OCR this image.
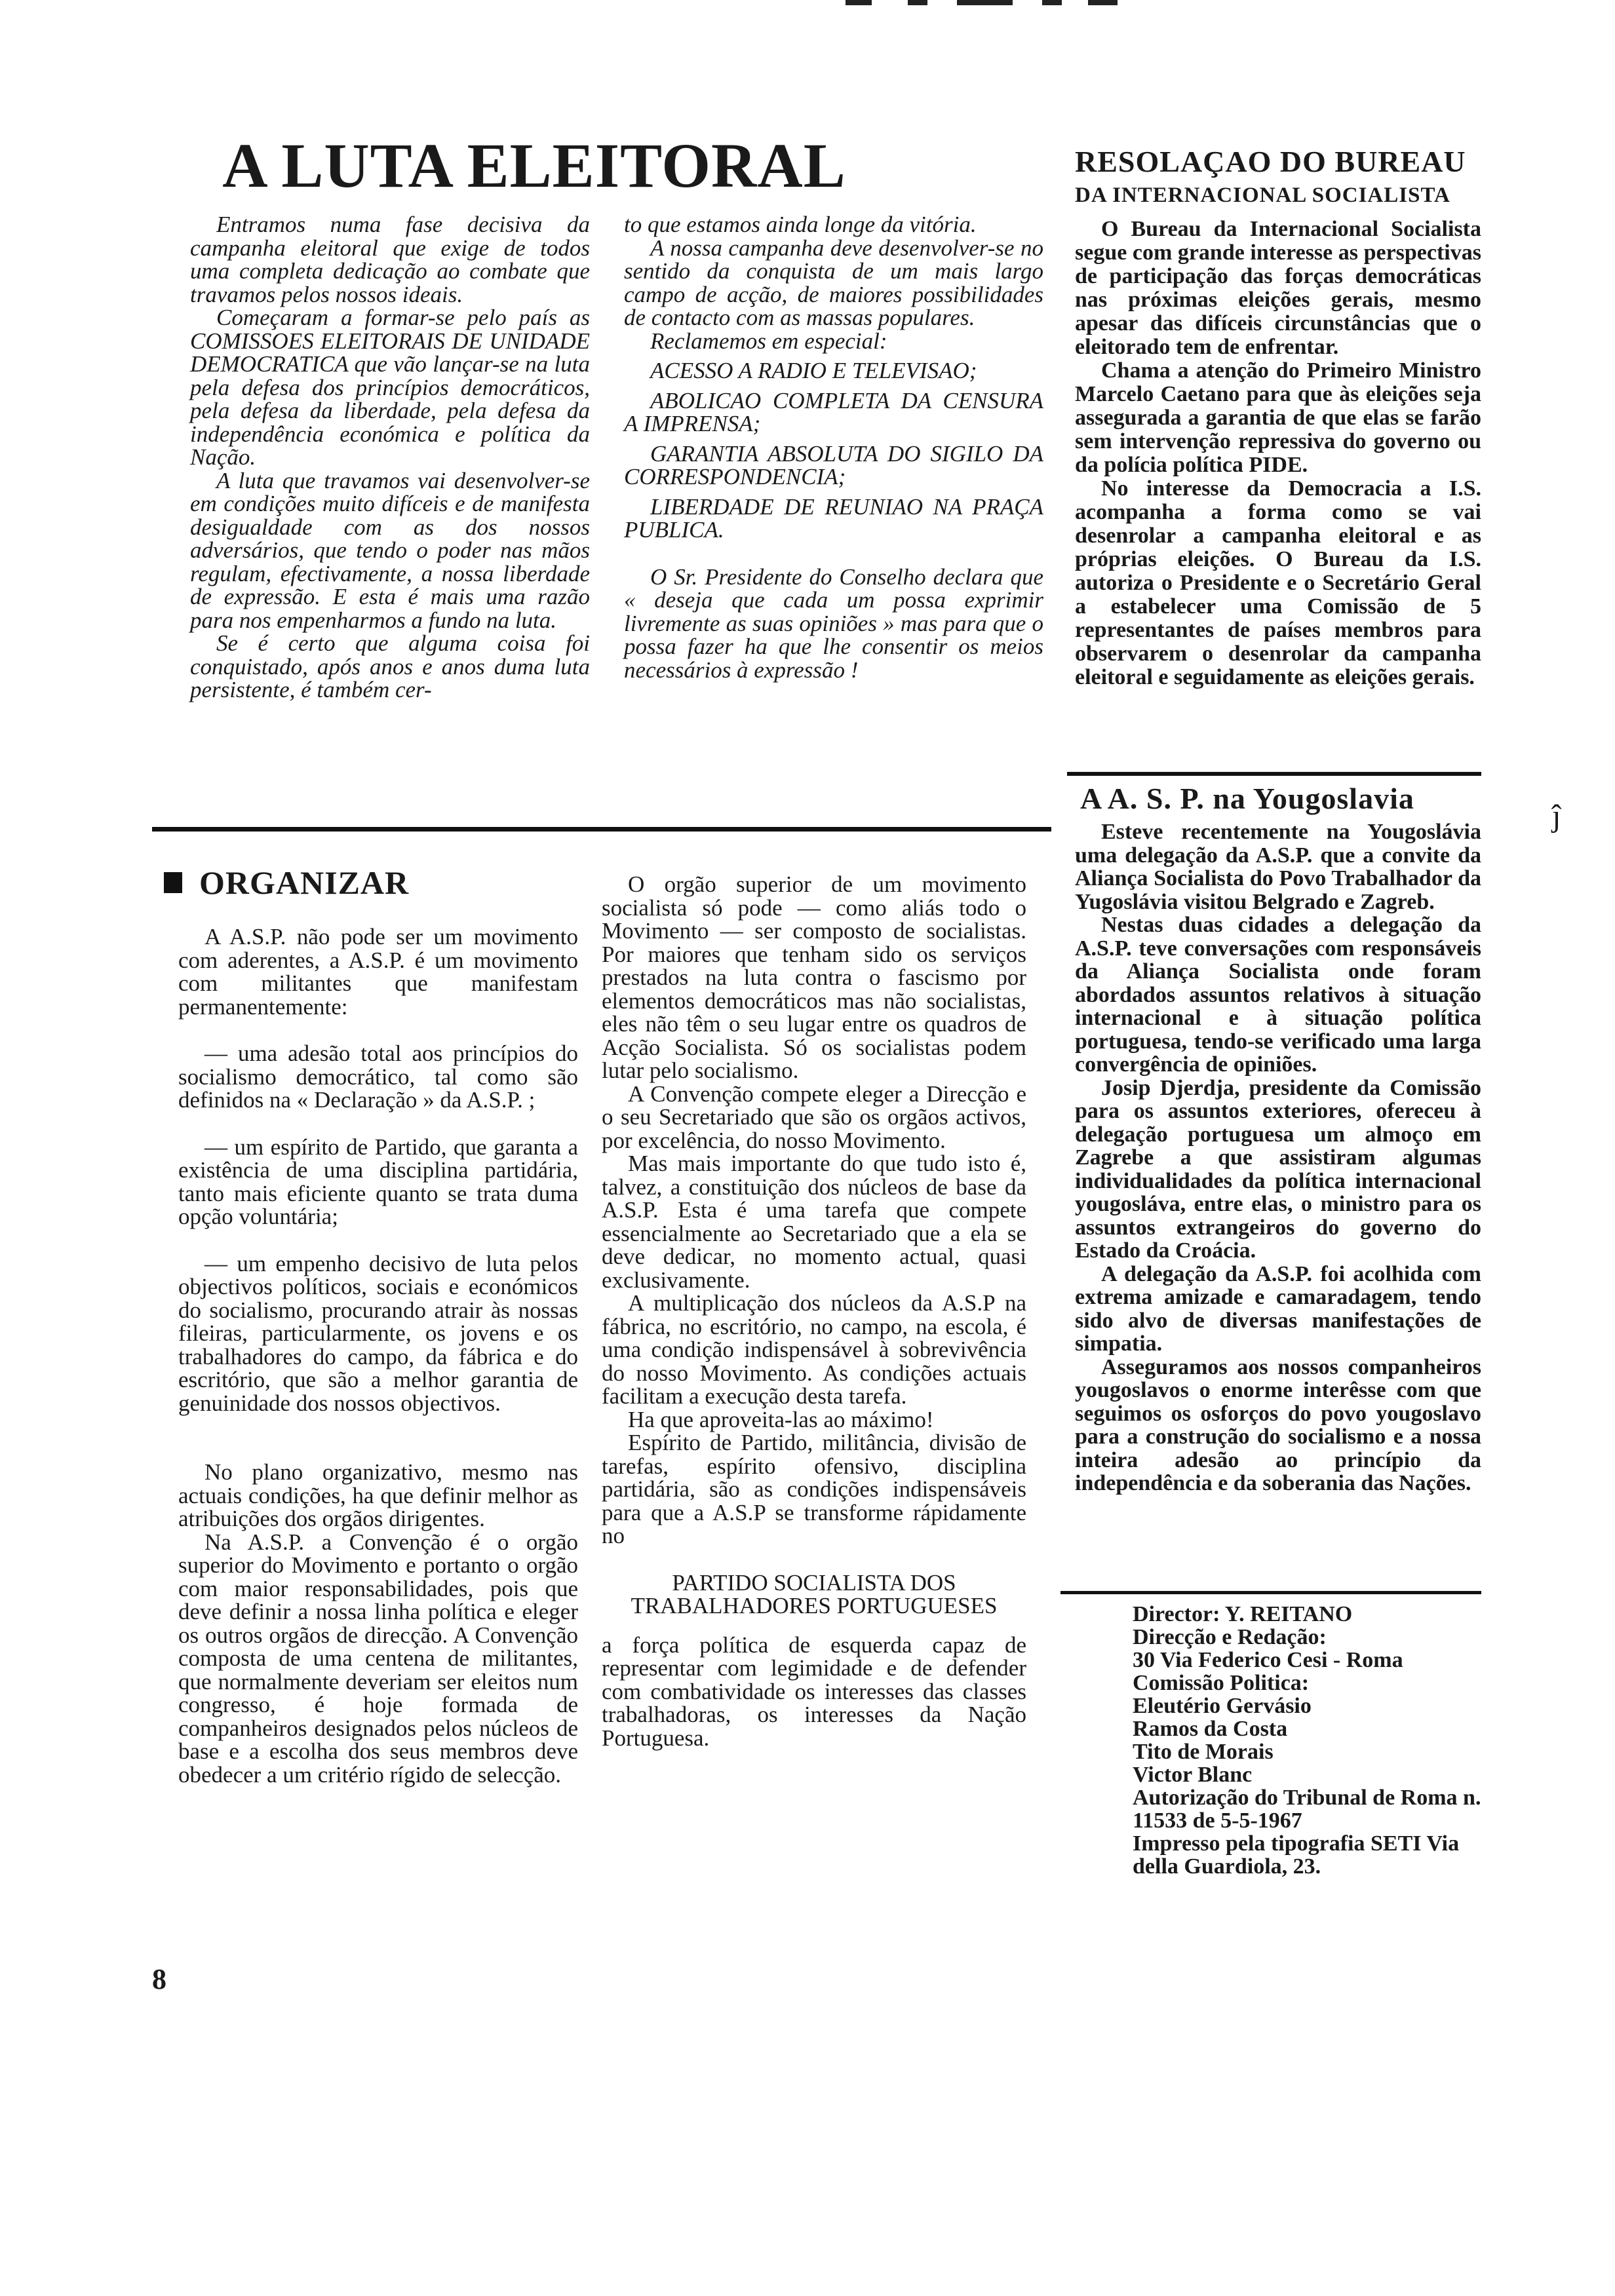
A LUTA ELEITORAL

Entramos numa fase decisiva da campanha eleitoral que exige de todos uma completa dedicação ao combate que travamos pelos nossos ideais.

Começaram a formar-se pelo país as COMISSOES ELEITORAIS DE UNIDADE DEMOCRATICA que vão lançar-se na luta pela defesa dos princípios democráticos, pela defesa da liberdade, pela defesa da independência económica e política da Nação.

A luta que travamos vai desenvolver-se em condições muito difíceis e de manifesta desigualdade com as dos nossos adversários, que tendo o poder nas mãos regulam, efectivamente, a nossa liberdade de expressão. E esta é mais uma razão para nos empenharmos a fundo na luta.

Se é certo que alguma coisa foi conquistado, após anos e anos duma luta persistente, é também cer-

to que estamos ainda longe da vitória.

A nossa campanha deve desenvolver-se no sentido da conquista de um mais largo campo de acção, de maiores possibilidades de contacto com as massas populares.

Reclamemos em especial:

ACESSO A RADIO E TELEVISAO;

ABOLICAO COMPLETA DA CENSURA A IMPRENSA;

GARANTIA ABSOLUTA DO SIGILO DA CORRESPONDENCIA;

LIBERDADE DE REUNIAO NA PRAÇA PUBLICA.

O Sr. Presidente do Conselho declara que « deseja que cada um possa exprimir livremente as suas opiniões » mas para que o possa fazer ha que lhe consentir os meios necessários à expressão !

ORGANIZAR

A A.S.P. não pode ser um movimento com aderentes, a A.S.P. é um movimento com militantes que manifestam permanentemente:

— uma adesão total aos princípios do socialismo democrático, tal como são definidos na « Declaração » da A.S.P. ;

— um espírito de Partido, que garanta a existência de uma disciplina partidária, tanto mais eficiente quanto se trata duma opção voluntária;

— um empenho decisivo de luta pelos objectivos políticos, sociais e económicos do socialismo, procurando atrair às nossas fileiras, particularmente, os jovens e os trabalhadores do campo, da fábrica e do escritório, que são a melhor garantia de genuinidade dos nossos objectivos.

No plano organizativo, mesmo nas actuais condições, ha que definir melhor as atribuições dos orgãos dirigentes.

Na A.S.P. a Convenção é o orgão superior do Movimento e portanto o orgão com maior responsabilidades, pois que deve definir a nossa linha política e eleger os outros orgãos de direcção. A Convenção composta de uma centena de militantes, que normalmente deveriam ser eleitos num congresso, é hoje formada de companheiros designados pelos núcleos de base e a escolha dos seus membros deve obedecer a um critério rígido de selecção.

O orgão superior de um movimento socialista só pode — como aliás todo o Movimento — ser composto de socialistas. Por maiores que tenham sido os serviços prestados na luta contra o fascismo por elementos democráticos mas não socialistas, eles não têm o seu lugar entre os quadros de Acção Socialista. Só os socialistas podem lutar pelo socialismo.

A Convenção compete eleger a Direcção e o seu Secretariado que são os orgãos activos, por excelência, do nosso Movimento.

Mas mais importante do que tudo isto é, talvez, a constituição dos núcleos de base da A.S.P. Esta é uma tarefa que compete essencialmente ao Secretariado que a ela se deve dedicar, no momento actual, quasi exclusivamente.

A multiplicação dos núcleos da A.S.P na fábrica, no escritório, no campo, na escola, é uma condição indispensável à sobrevivência do nosso Movimento. As condições actuais facilitam a execução desta tarefa.

Ha que aproveita-las ao máximo!

Espírito de Partido, militância, divisão de tarefas, espírito ofensivo, disciplina partidária, são as condições indispensáveis para que a A.S.P se transforme rápidamente no

PARTIDO SOCIALISTA DOS TRABALHADORES PORTUGUESES

a força política de esquerda capaz de representar com legimidade e de defender com combatividade os interesses das classes trabalhadoras, os interesses da Nação Portuguesa.

RESOLAÇAO DO BUREAU

DA INTERNACIONAL SOCIALISTA

O Bureau da Internacional Socialista segue com grande interesse as perspectivas de participação das forças democráticas nas próximas eleições gerais, mesmo apesar das difíceis circunstâncias que o eleitorado tem de enfrentar.

Chama a atenção do Primeiro Ministro Marcelo Caetano para que às eleições seja assegurada a garantia de que elas se farão sem intervenção repressiva do governo ou da polícia política PIDE.

No interesse da Democracia a I.S. acompanha a forma como se vai desenrolar a campanha eleitoral e as próprias eleições. O Bureau da I.S. autoriza o Presidente e o Secretário Geral a estabelecer uma Comissão de 5 representantes de países membros para observarem o desenrolar da campanha eleitoral e seguidamente as eleições gerais.

A A. S. P. na Yougoslavia

Esteve recentemente na Yougoslávia uma delegação da A.S.P. que a convite da Aliança Socialista do Povo Trabalhador da Yugoslávia visitou Belgrado e Zagreb.

Nestas duas cidades a delegação da A.S.P. teve conversações com responsáveis da Aliança Socialista onde foram abordados assuntos relativos à situação internacional e à situação política portuguesa, tendo-se verificado uma larga convergência de opiniões.

Josip Djerdja, presidente da Comissão para os assuntos exteriores, ofereceu à delegação portuguesa um almoço em Zagrebe a que assistiram algumas individualidades da política internacional yougosláva, entre elas, o ministro para os assuntos extrangeiros do governo do Estado da Croácia.

A delegação da A.S.P. foi acolhida com extrema amizade e camaradagem, tendo sido alvo de diversas manifestações de simpatia.

Asseguramos aos nossos companheiros yougoslavos o enorme interêsse com que seguimos os osforços do povo yougoslavo para a construção do socialismo e a nossa inteira adesão ao princípio da independência e da soberania das Nações.

Director: Y. REITANO

Direcção e Redação:

30 Via Federico Cesi - Roma

Comissão Politica:

Eleutério Gervásio

Ramos da Costa

Tito de Morais

Victor Blanc

Autorização do Tribunal de Roma n. 11533 de 5-5-1967

Impresso pela tipografia SETI Via della Guardiola, 23.

8
ĵ
